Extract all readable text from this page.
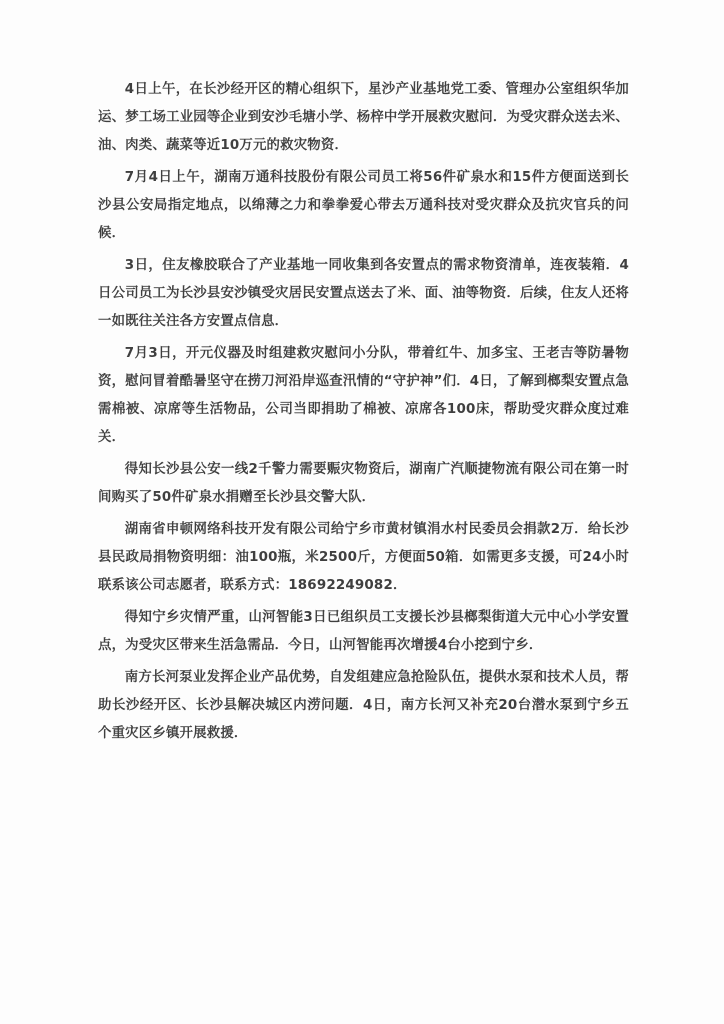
4日上午，在长沙经开区的精心组织下，星沙产业基地党工委、管理办公室组织华加运、梦工场工业园等企业到安沙毛塘小学、杨梓中学开展救灾慰问．为受灾群众送去米、油、肉类、蔬菜等近10万元的救灾物资．

7月4日上午，湖南万通科技股份有限公司员工将56件矿泉水和15件方便面送到长沙县公安局指定地点，以绵薄之力和拳拳爱心带去万通科技对受灾群众及抗灾官兵的问候．

3日，住友橡胶联合了产业基地一同收集到各安置点的需求物资清单，连夜装箱．4日公司员工为长沙县安沙镇受灾居民安置点送去了米、面、油等物资．后续，住友人还将一如既往关注各方安置点信息．

7月3日，开元仪器及时组建救灾慰问小分队，带着红牛、加多宝、王老吉等防暑物资，慰问冒着酷暑坚守在捞刀河沿岸巡查汛情的“守护神”们．4日，了解到榔梨安置点急需棉被、凉席等生活物品，公司当即捐助了棉被、凉席各100床，帮助受灾群众度过难关．

得知长沙县公安一线2千警力需要赈灾物资后，湖南广汽顺捷物流有限公司在第一时间购买了50件矿泉水捐赠至长沙县交警大队．

湖南省申顿网络科技开发有限公司给宁乡市黄材镇涓水村民委员会捐款2万．给长沙县民政局捐物资明细：油100瓶，米2500斤，方便面50箱．如需更多支援，可24小时联系该公司志愿者，联系方式：18692249082．

得知宁乡灾情严重，山河智能3日已组织员工支援长沙县榔梨街道大元中心小学安置点，为受灾区带来生活急需品．今日，山河智能再次增援4台小挖到宁乡．

南方长河泵业发挥企业产品优势，自发组建应急抢险队伍，提供水泵和技术人员，帮助长沙经开区、长沙县解决城区内涝问题．4日，南方长河又补充20台潜水泵到宁乡五个重灾区乡镇开展救援．
